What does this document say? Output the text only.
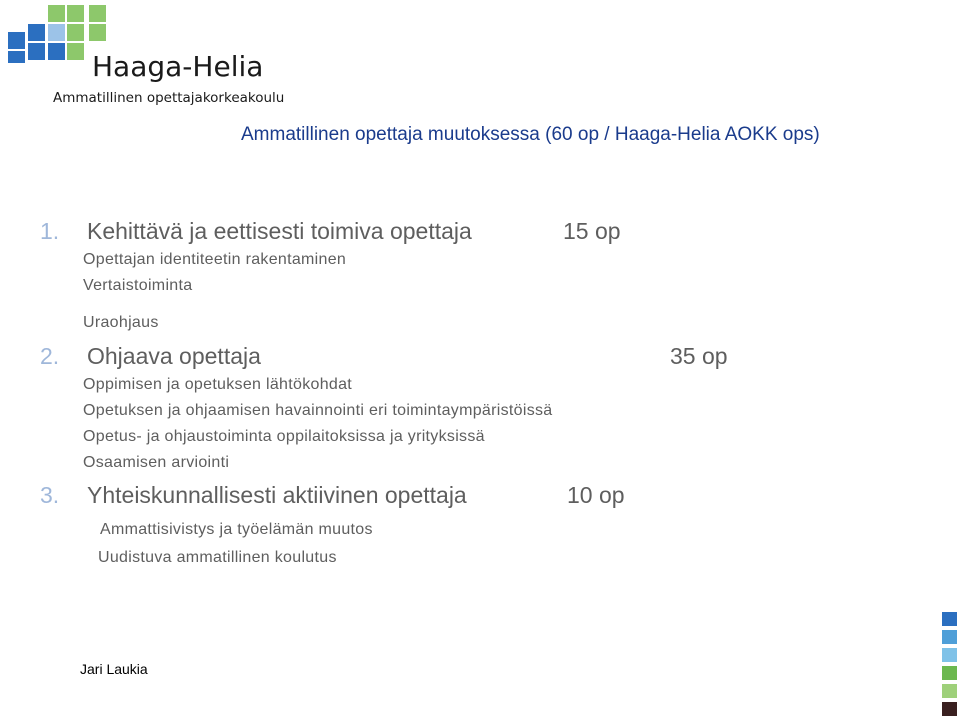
Haaga-Helia
Ammatillinen opettajakorkeakoulu
Ammatillinen opettaja muutoksessa (60 op / Haaga-Helia AOKK ops)
1. Kehittävä ja eettisesti toimiva opettaja	15 op
Opettajan identiteetin rakentaminen
Vertaistoiminta
Uraohjaus
2. Ohjaava opettaja	35 op
Oppimisen ja opetuksen lähtökohdat
Opetuksen ja ohjaamisen havainnointi eri toimintaympäristöissä
Opetus- ja ohjaustoiminta oppilaitoksissa ja yrityksissä
Osaamisen arviointi
3. Yhteiskunnallisesti aktiivinen opettaja	10 op
Ammattisivistys ja työelämän muutos
Uudistuva ammatillinen koulutus
Jari Laukia
